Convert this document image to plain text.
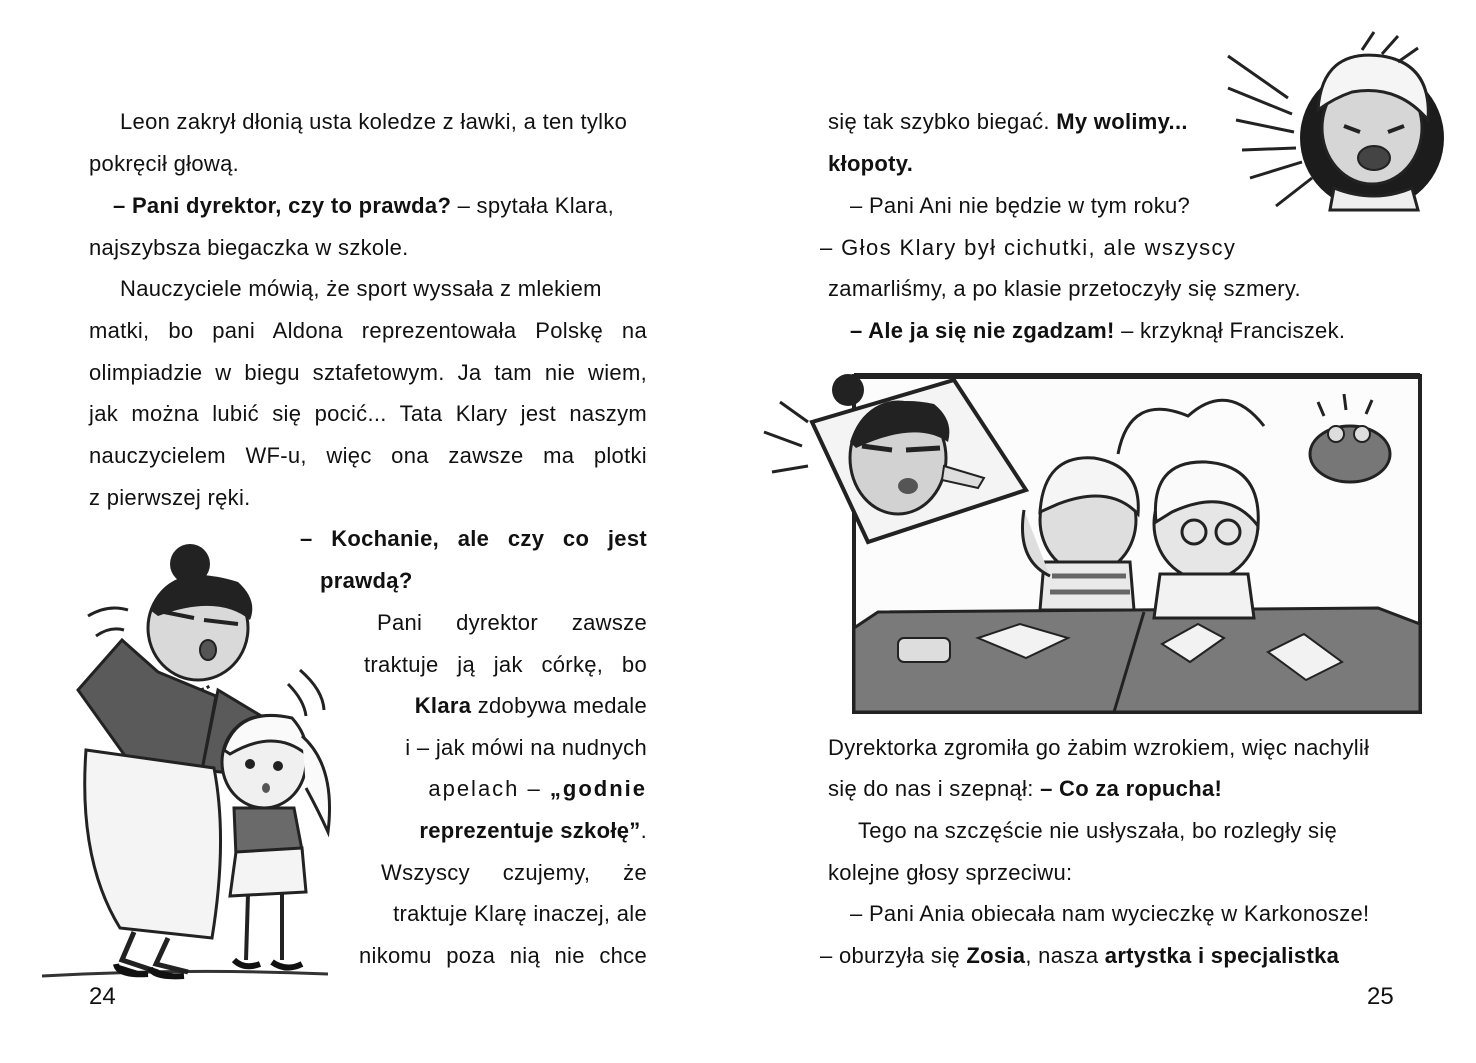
Leon zakrył dłonią usta koledze z ławki, a ten tylko
pokręcił głową.
– Pani dyrektor, czy to prawda? – spytała Klara,
najszybsza biegaczka w szkole.
Nauczyciele mówią, że sport wyssała z mlekiem
matki, bo pani Aldona reprezentowała Polskę na
olimpiadzie w biegu sztafetowym. Ja tam nie wiem,
jak można lubić się pocić... Tata Klary jest naszym
nauczycielem WF-u, więc ona zawsze ma plotki
z pierwszej ręki.
– Kochanie, ale czy co jest
prawdą?
Pani dyrektor zawsze
traktuje ją jak córkę, bo
Klara zdobywa medale
i – jak mówi na nudnych
apelach – „godnie
reprezentuje szkołę”.
Wszyscy czujemy, że
traktuje Klarę inaczej, ale
nikomu poza nią nie chce
24
się tak szybko biegać. My wolimy...
kłopoty.
– Pani Ani nie będzie w tym roku?
– Głos Klary był cichutki, ale wszyscy
zamarliśmy, a po klasie przetoczyły się szmery.
– Ale ja się nie zgadzam! – krzyknął Franciszek.
Dyrektorka zgromiła go żabim wzrokiem, więc nachylił
się do nas i szepnął: – Co za ropucha!
Tego na szczęście nie usłyszała, bo rozległy się
kolejne głosy sprzeciwu:
– Pani Ania obiecała nam wycieczkę w Karkonosze!
– oburzyła się Zosia, nasza artystka i specjalistka
25
